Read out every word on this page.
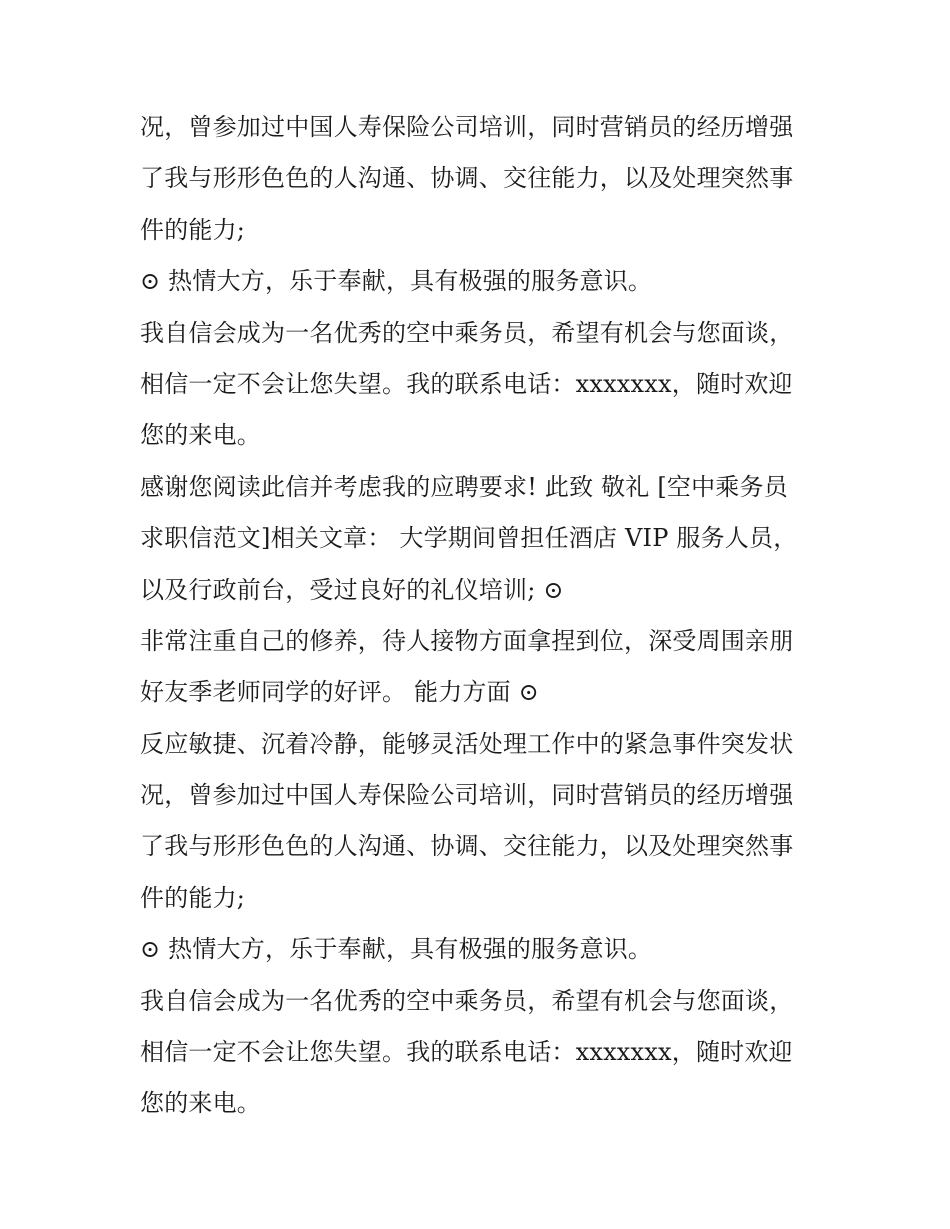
况，曾参加过中国人寿保险公司培训，同时营销员的经历增强
了我与形形色色的人沟通、协调、交往能力，以及处理突然事
件的能力;
⊙ 热情大方，乐于奉献，具有极强的服务意识。
我自信会成为一名优秀的空中乘务员，希望有机会与您面谈，
相信一定不会让您失望。我的联系电话：xxxxxxx，随时欢迎
您的来电。
感谢您阅读此信并考虑我的应聘要求! 此致 敬礼 [空中乘务员
求职信范文]相关文章： 大学期间曾担任酒店 VIP 服务人员，
以及行政前台，受过良好的礼仪培训; ⊙
非常注重自己的修养，待人接物方面拿捏到位，深受周围亲朋
好友季老师同学的好评。 能力方面 ⊙
反应敏捷、沉着冷静，能够灵活处理工作中的紧急事件突发状
况，曾参加过中国人寿保险公司培训，同时营销员的经历增强
了我与形形色色的人沟通、协调、交往能力，以及处理突然事
件的能力;
⊙ 热情大方，乐于奉献，具有极强的服务意识。
我自信会成为一名优秀的空中乘务员，希望有机会与您面谈，
相信一定不会让您失望。我的联系电话：xxxxxxx，随时欢迎
您的来电。
